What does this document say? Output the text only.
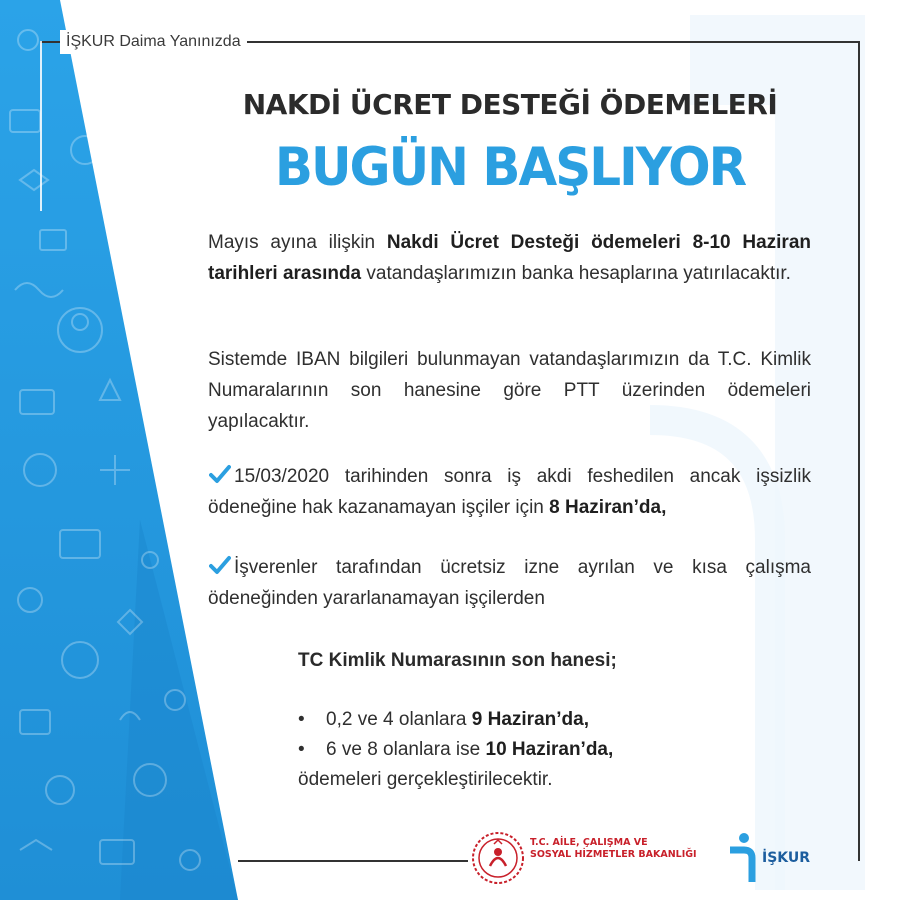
İŞKUR Daima Yanınızda
NAKDİ ÜCRET DESTEĞİ ÖDEMELERİ
BUGÜN BAŞLIYOR
Mayıs ayına ilişkin Nakdi Ücret Desteği ödemeleri 8-10 Haziran tarihleri arasında vatandaşlarımızın banka hesaplarına yatırılacaktır.
Sistemde IBAN bilgileri bulunmayan vatandaşlarımızın da T.C. Kimlik Numaralarının son hanesine göre PTT üzerinden ödemeleri yapılacaktır.
15/03/2020 tarihinden sonra iş akdi feshedilen ancak işsizlik ödeneğine hak kazanamayan işçiler için 8 Haziran’da,
İşverenler tarafından ücretsiz izne ayrılan ve kısa çalışma ödeneğinden yararlanamayan işçilerden
TC Kimlik Numarasının son hanesi;
• 0,2 ve 4 olanlara 9 Haziran’da,
• 6 ve 8 olanlara ise 10 Haziran’da,
ödemeleri gerçekleştirilecektir.
T.C. AİLE, ÇALIŞMA VE
SOSYAL HİZMETLER BAKANLIĞI	İŞKUR
